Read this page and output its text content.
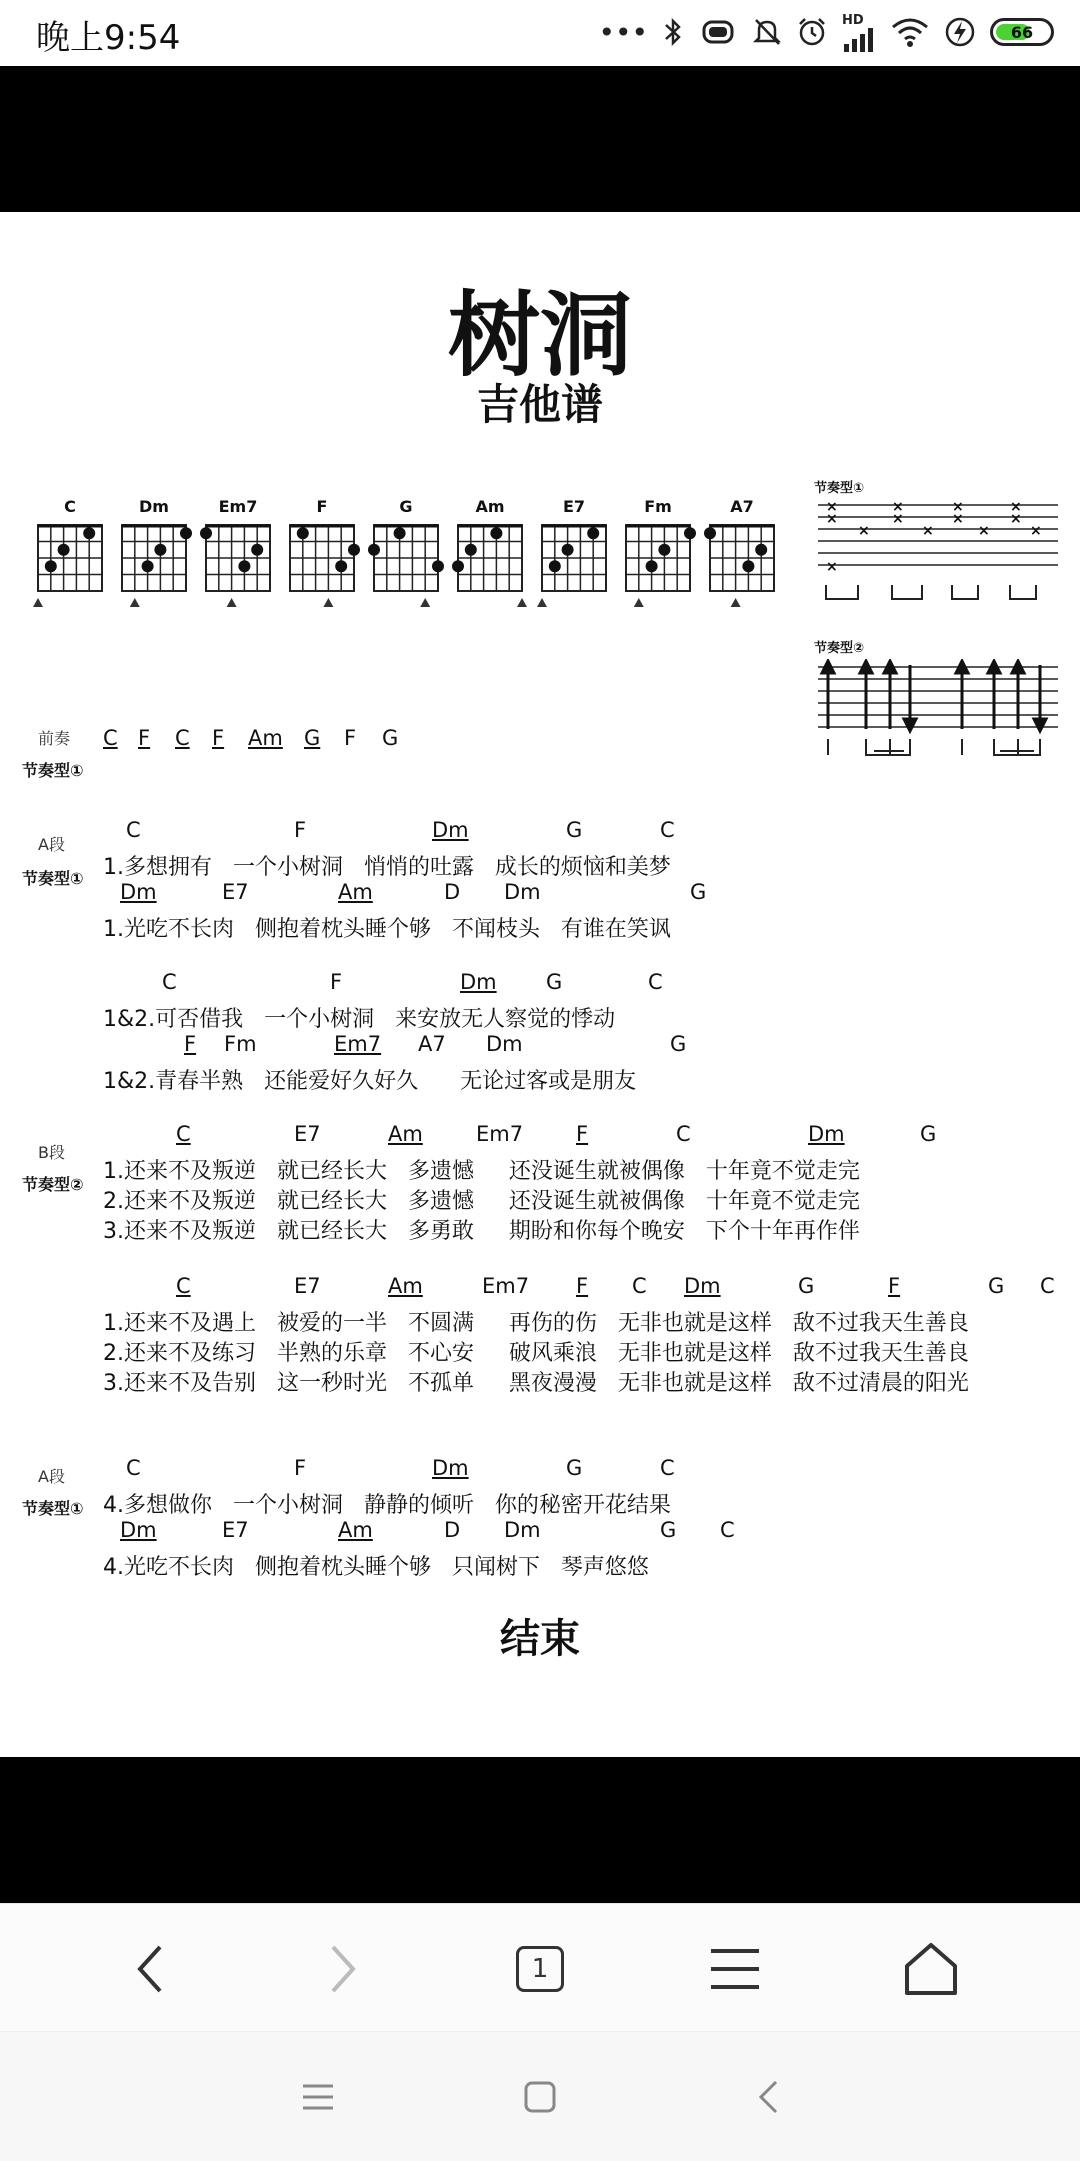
晚上9:54	•••	HD
66
树洞
吉他谱
C	Dm	Em7	F	G	Am	E7	Fm	A7
节奏型①
×
×
×
×
×
×
×
×
×
×
×
×
×
节奏型②
前奏 C F C F Am G F G
节奏型①
A段
节奏型①
C	F	Dm	G	C
1.多想拥有   一个小树洞   悄悄的吐露   成长的烦恼和美梦
Dm	E7	Am	D Dm	G
1.光吃不长肉   侧抱着枕头睡个够   不闻枝头   有谁在笑讽
C	F	Dm G	C
1&2.可否借我   一个小树洞   来安放无人察觉的悸动
F Fm	Em7 A7 Dm	G
1&2.青春半熟   还能爱好久好久      无论过客或是朋友
C	E7	Am	Em7	F	C	Dm	G
1.还来不及叛逆   就已经长大   多遗憾     还没诞生就被偶像   十年竟不觉走完
2.还来不及叛逆   就已经长大   多遗憾     还没诞生就被偶像   十年竟不觉走完
3.还来不及叛逆   就已经长大   多勇敢     期盼和你每个晚安   下个十年再作伴
C	E7	Am	Em7 F C Dm	G	F	G C
1.还来不及遇上   被爱的一半   不圆满     再伤的伤   无非也就是这样   敌不过我天生善良
2.还来不及练习   半熟的乐章   不心安     破风乘浪   无非也就是这样   敌不过我天生善良
3.还来不及告别   这一秒时光   不孤单     黑夜漫漫   无非也就是这样   敌不过清晨的阳光
C	F	Dm	G	C
4.多想做你   一个小树洞   静静的倾听   你的秘密开花结果
Dm	E7	Am	D Dm	G C
4.光吃不长肉   侧抱着枕头睡个够   只闻树下   琴声悠悠
B段
节奏型②
A段
节奏型①
结束
1
